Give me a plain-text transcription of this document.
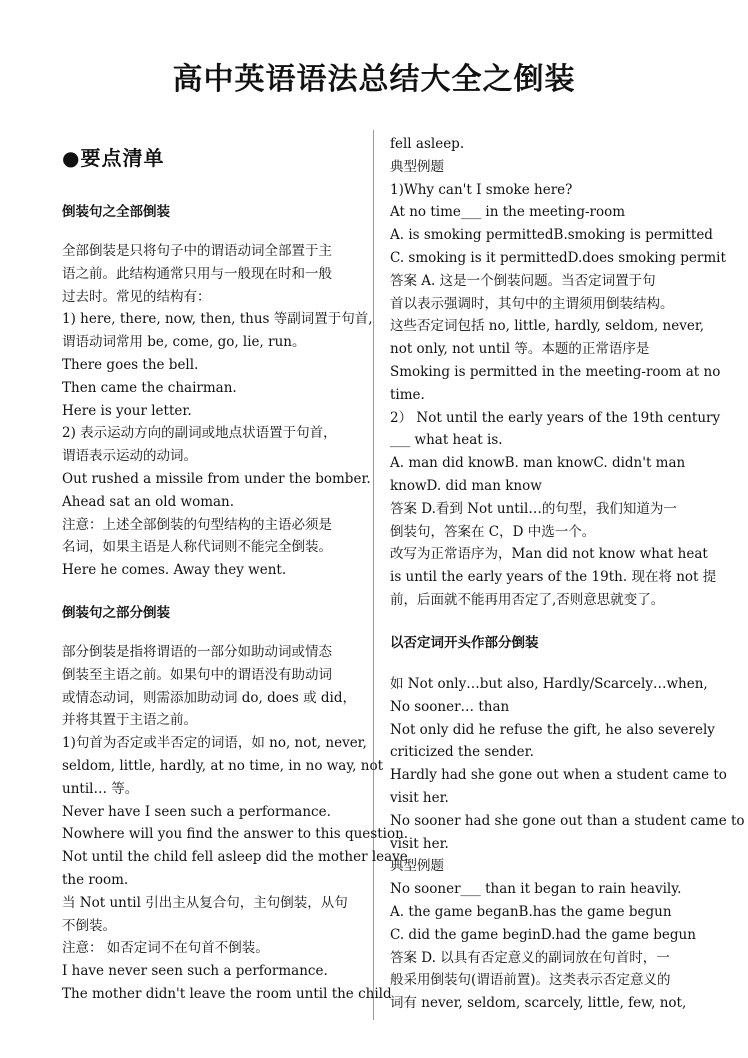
高中英语语法总结大全之倒装
●要点清单

倒装句之全部倒装

全部倒装是只将句子中的谓语动词全部置于主

语之前。此结构通常只用与一般现在时和一般

过去时。常见的结构有：

1) here, there, now, then, thus 等副词置于句首,

谓语动词常用 be, come, go, lie, run。

There goes the bell.

Then came the chairman.

Here is your letter.

2) 表示运动方向的副词或地点状语置于句首，

谓语表示运动的动词。

Out rushed a missile from under the bomber.

Ahead sat an old woman.

注意：上述全部倒装的句型结构的主语必须是

名词，如果主语是人称代词则不能完全倒装。

Here he comes. Away they went.

倒装句之部分倒装

部分倒装是指将谓语的一部分如助动词或情态

倒装至主语之前。如果句中的谓语没有助动词

或情态动词，则需添加助动词 do, does 或 did，

并将其置于主语之前。

1)句首为否定或半否定的词语，如 no, not, never,

seldom, little, hardly, at no time, in no way, not

until… 等。

Never have I seen such a performance.

Nowhere will you find the answer to this question.

Not until the child fell asleep did the mother leave

the room.

当 Not until 引出主从复合句，主句倒装，从句

不倒装。

注意： 如否定词不在句首不倒装。

I have never seen such a performance.

The mother didn't leave the room until the child

fell asleep.

典型例题

1)Why can't I smoke here?

At no time___ in the meeting-room

A. is smoking permittedB.smoking is permitted

C. smoking is it permittedD.does smoking permit

答案 A. 这是一个倒装问题。当否定词置于句

首以表示强调时，其句中的主谓须用倒装结构。

这些否定词包括 no, little, hardly, seldom, never,

not only, not until 等。本题的正常语序是

Smoking is permitted in the meeting-room at no

time.

2） Not until the early years of the 19th century

___ what heat is.

A. man did knowB. man knowC. didn't man

knowD. did man know

答案 D.看到 Not until…的句型，我们知道为一

倒装句，答案在 C，D 中选一个。

改写为正常语序为，Man did not know what heat

is until the early years of the 19th. 现在将 not 提

前，后面就不能再用否定了,否则意思就变了。

以否定词开头作部分倒装

如 Not only…but also, Hardly/Scarcely…when,

No sooner… than

Not only did he refuse the gift, he also severely

criticized the sender.

Hardly had she gone out when a student came to

visit her.

No sooner had she gone out than a student came to

visit her.

典型例题

No sooner___ than it began to rain heavily.

A. the game beganB.has the game begun

C. did the game beginD.had the game begun

答案 D. 以具有否定意义的副词放在句首时，一

般采用倒装句(谓语前置)。这类表示否定意义的

词有 never, seldom, scarcely, little, few, not,
